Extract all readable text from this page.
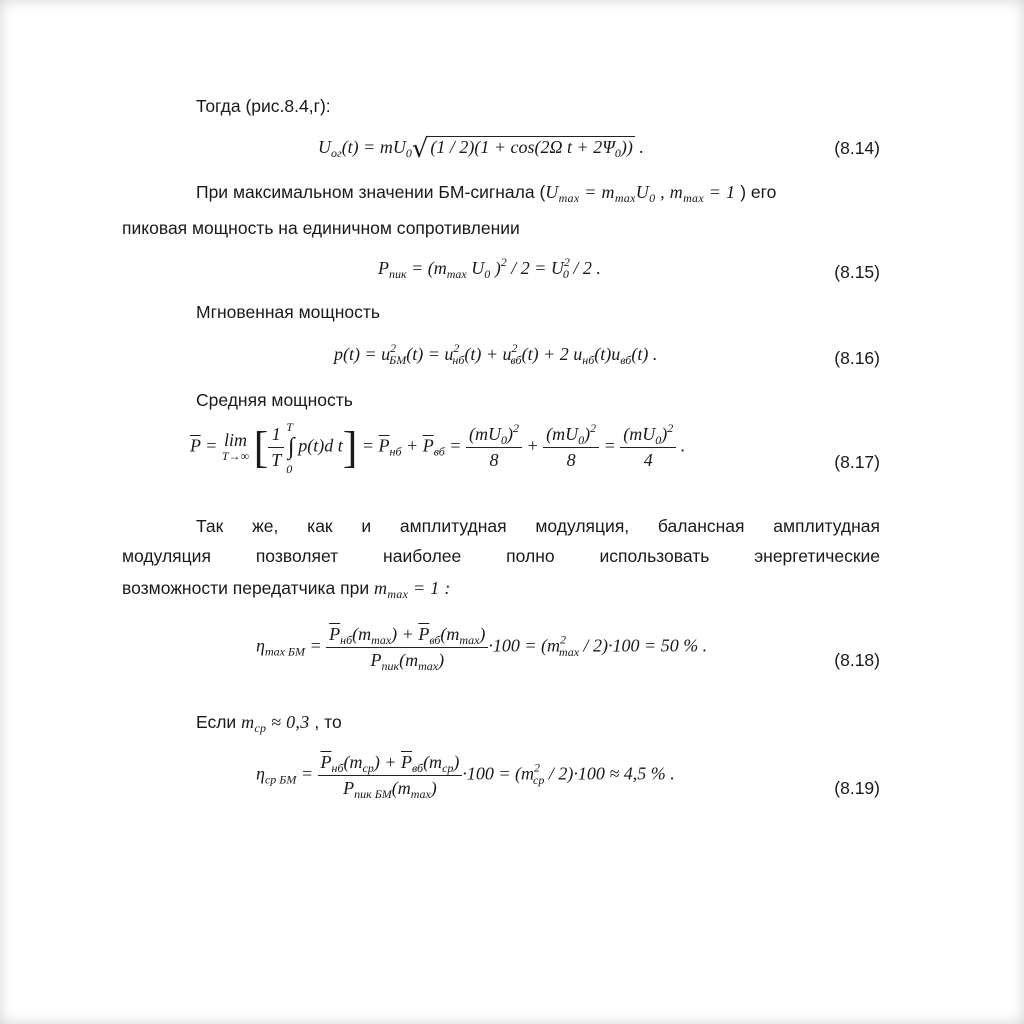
Тогда (рис.8.4,г):
$U_{ог}(t) = mU_0√$ (1 / 2)(1 + cos(2Ω $t + 2\Psi_0$)) .	(8.14)
При максимальном значении БМ-сигнала ($U_{max} = m_{max}U_0$ , $m_{max} = 1$ ) его
пиковая мощность на единичном сопротивлении
$P_{пик} = (m_{max}$ $U_0$ )$^2 / 2 = U^2_0 / 2$ .	(8.15)
Мгновенная мощность
$p(t) = u^2_{БМ}(t) = u^2_{нб}(t) + u^2_{вб}(t) + 2$ $u_{нб}(t)u_{вб}(t)$ .	(8.16)
Средняя мощность
$\overline{P} = \lim$
T→∞ [ $\frac{1}{T}$ ∫
T
0
p(t)d $t] = \overline{P}_{нб} + \overline{P}_{вб} = \frac{(mU_0)^2}{8} + \frac{(mU_0)^2}{8} = \frac{(mU_0)^2}{4}$ .
(8.17)
Так же, как и амплитудная модуляция, балансная амплитудная
модуляция позволяет наиболее полно использовать энергетические
возможности передатчика при $m_{max} = 1$ :
$\eta_{max БМ} = \frac{\overline{P}_{нб}(m_{max}) + \overline{P}_{вб}(m_{max})}{P_{пик}(m_{max})} \cdot 100 = (m^2_{max} / 2)\cdot 100 = 50$ % .
(8.18)
Если $m_{cp} \approx 0,3$ , то
$\eta_{cp БМ} = \frac{\overline{P}_{нб}(m_{cp}) + \overline{P}_{вб}(m_{cp})}{P_{пик БМ}(m_{max})} \cdot 100 = (m^2_{cp} / 2)\cdot 100 \approx 4,5$ % .
(8.19)
